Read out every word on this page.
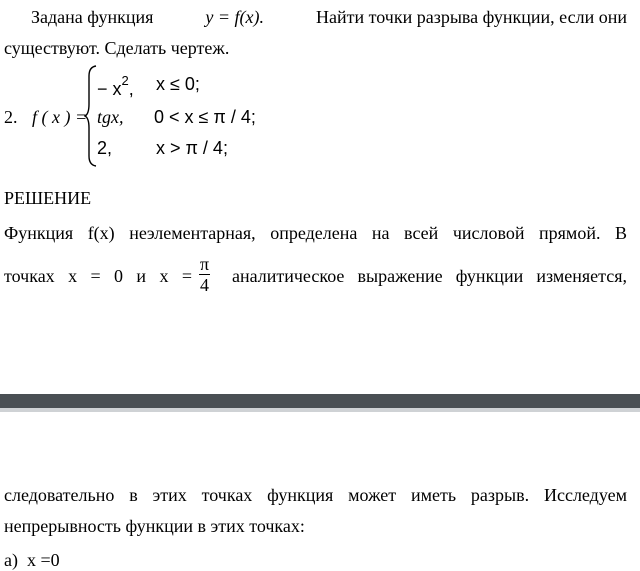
Задана функция	y = f(x).	Найти точки разрыва функции, если они
существуют. Сделать чертеж.
2. f ( x ) =
− $x^2$, x ≤ 0;
tgx, 0 < x ≤ π / 4;
2, x > π / 4;
РЕШЕНИЕ
Функция f(x) неэлементарная, определена на всей числовой прямой. В
точках x = 0 и $x = \frac{\pi}{4}$ аналитическое выражение функции изменяется,
следовательно в этих точках функция может иметь разрыв. Исследуем
непрерывность функции в этих точках:
а)  x =0
